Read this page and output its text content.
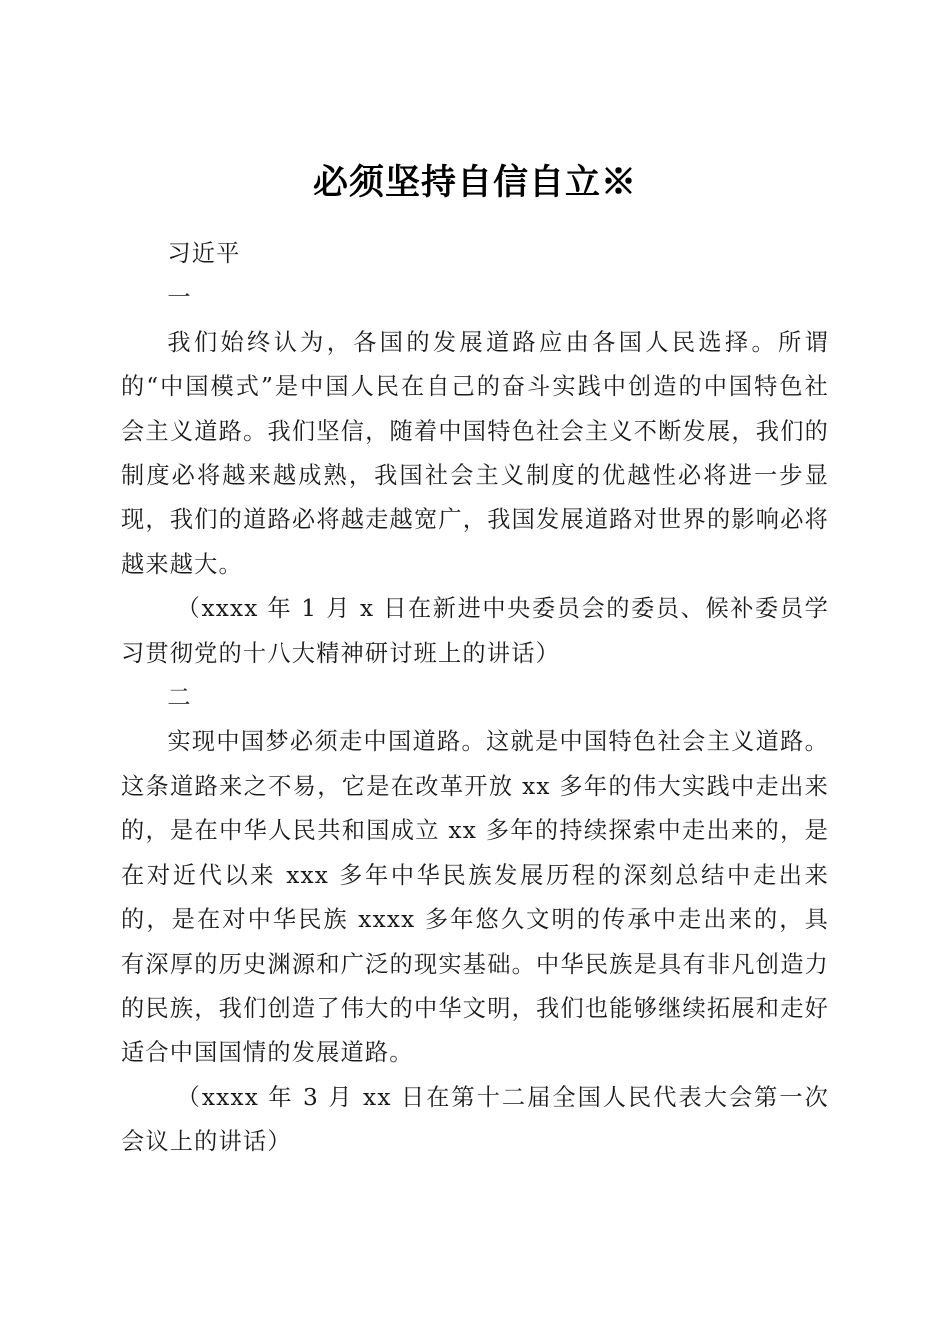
必须坚持自信自立※

习近平

一

我们始终认为，各国的发展道路应由各国人民选择。所谓的“中国模式”是中国人民在自己的奋斗实践中创造的中国特色社会主义道路。我们坚信，随着中国特色社会主义不断发展，我们的制度必将越来越成熟，我国社会主义制度的优越性必将进一步显现，我们的道路必将越走越宽广，我国发展道路对世界的影响必将越来越大。

（xxxx 年 1 月 x 日在新进中央委员会的委员、候补委员学习贯彻党的十八大精神研讨班上的讲话）

二

实现中国梦必须走中国道路。这就是中国特色社会主义道路。这条道路来之不易，它是在改革开放 xx 多年的伟大实践中走出来的，是在中华人民共和国成立 xx 多年的持续探索中走出来的，是在对近代以来 xxx 多年中华民族发展历程的深刻总结中走出来的，是在对中华民族 xxxx 多年悠久文明的传承中走出来的，具有深厚的历史渊源和广泛的现实基础。中华民族是具有非凡创造力的民族，我们创造了伟大的中华文明，我们也能够继续拓展和走好适合中国国情的发展道路。

（xxxx 年 3 月 xx 日在第十二届全国人民代表大会第一次会议上的讲话）
